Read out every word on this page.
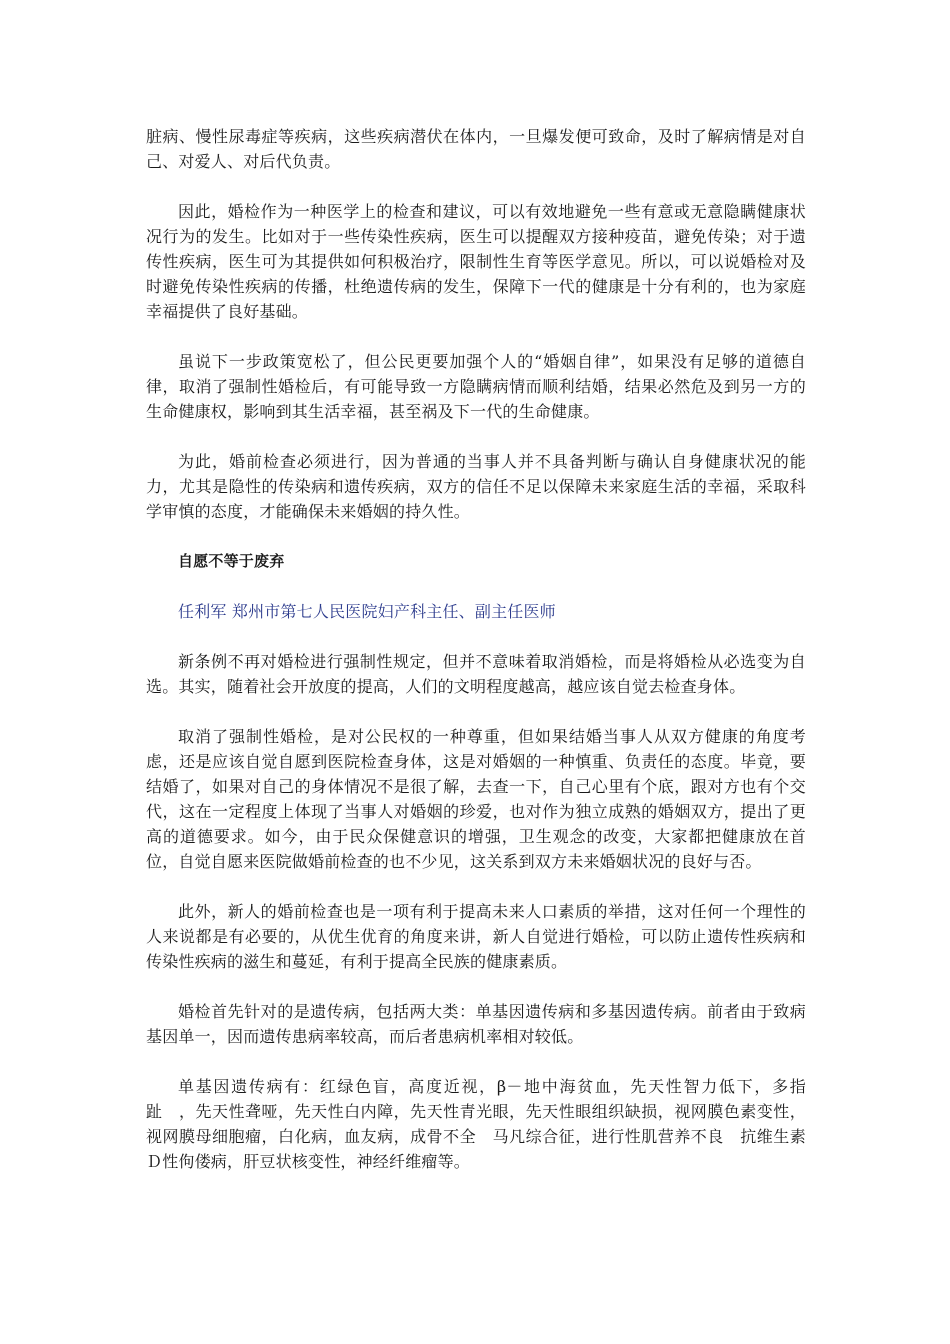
脏病、慢性尿毒症等疾病，这些疾病潜伏在体内，一旦爆发便可致命，及时了解病情是对自己、对爱人、对后代负责。

因此，婚检作为一种医学上的检查和建议，可以有效地避免一些有意或无意隐瞒健康状况行为的发生。比如对于一些传染性疾病，医生可以提醒双方接种疫苗，避免传染；对于遗传性疾病，医生可为其提供如何积极治疗，限制性生育等医学意见。所以，可以说婚检对及时避免传染性疾病的传播，杜绝遗传病的发生，保障下一代的健康是十分有利的，也为家庭幸福提供了良好基础。

虽说下一步政策宽松了，但公民更要加强个人的“婚姻自律”，如果没有足够的道德自律，取消了强制性婚检后，有可能导致一方隐瞒病情而顺利结婚，结果必然危及到另一方的生命健康权，影响到其生活幸福，甚至祸及下一代的生命健康。

为此，婚前检查必须进行，因为普通的当事人并不具备判断与确认自身健康状况的能力，尤其是隐性的传染病和遗传疾病，双方的信任不足以保障未来家庭生活的幸福，采取科学审慎的态度，才能确保未来婚姻的持久性。

自愿不等于废弃
任利军 郑州市第七人民医院妇产科主任、副主任医师

新条例不再对婚检进行强制性规定，但并不意味着取消婚检，而是将婚检从必选变为自选。其实，随着社会开放度的提高，人们的文明程度越高，越应该自觉去检查身体。

取消了强制性婚检，是对公民权的一种尊重，但如果结婚当事人从双方健康的角度考虑，还是应该自觉自愿到医院检查身体，这是对婚姻的一种慎重、负责任的态度。毕竟，要结婚了，如果对自己的身体情况不是很了解，去查一下，自己心里有个底，跟对方也有个交代，这在一定程度上体现了当事人对婚姻的珍爱，也对作为独立成熟的婚姻双方，提出了更高的道德要求。如今，由于民众保健意识的增强，卫生观念的改变，大家都把健康放在首位，自觉自愿来医院做婚前检查的也不少见，这关系到双方未来婚姻状况的良好与否。

此外，新人的婚前检查也是一项有利于提高未来人口素质的举措，这对任何一个理性的人来说都是有必要的，从优生优育的角度来讲，新人自觉进行婚检，可以防止遗传性疾病和传染性疾病的滋生和蔓延，有利于提高全民族的健康素质。

婚检首先针对的是遗传病，包括两大类：单基因遗传病和多基因遗传病。前者由于致病基因单一，因而遗传患病率较高，而后者患病机率相对较低。

单基因遗传病有：红绿色盲，高度近视，β－地中海贫血，先天性智力低下，多指　趾　，先天性聋哑，先天性白内障，先天性青光眼，先天性眼组织缺损，视网膜色素变性，视网膜母细胞瘤，白化病，血友病，成骨不全　马凡综合征，进行性肌营养不良　抗维生素Ｄ性佝偻病，肝豆状核变性，神经纤维瘤等。
